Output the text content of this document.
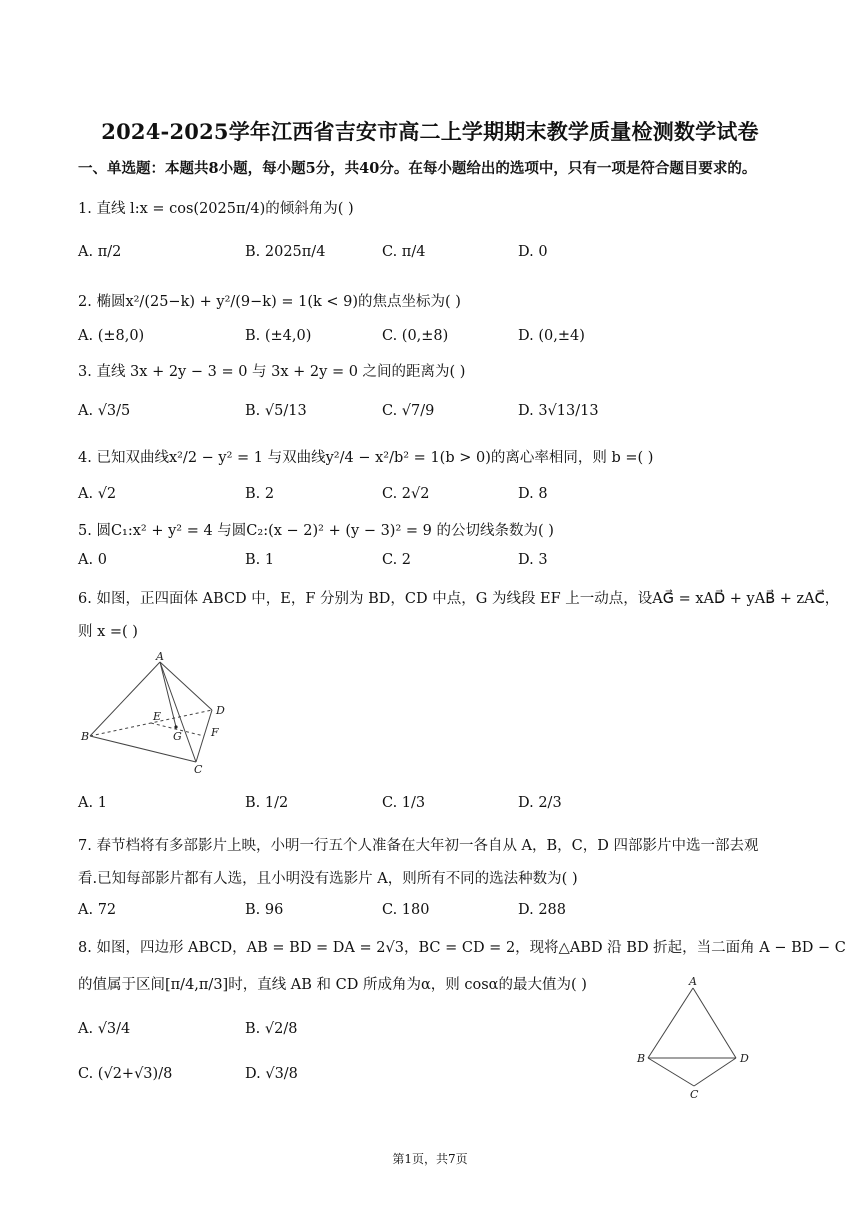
2024-2025学年江西省吉安市高二上学期期末教学质量检测数学试卷
一、单选题：本题共8小题，每小题5分，共40分。在每小题给出的选项中，只有一项是符合题目要求的。
1. 直线 l:x = cos(2025π/4)的倾斜角为( )
A. π/2	B. 2025π/4	C. π/4	D. 0
2. 椭圆x²/(25−k) + y²/(9−k) = 1(k < 9)的焦点坐标为( )
A. (±8,0)	B. (±4,0)	C. (0,±8)	D. (0,±4)
3. 直线 3x + 2y − 3 = 0 与 3x + 2y = 0 之间的距离为( )
A. √3/5	B. √5/13	C. √7/9	D. 3√13/13
4. 已知双曲线x²/2 − y² = 1 与双曲线y²/4 − x²/b² = 1(b > 0)的离心率相同，则 b =( )
A. √2	B. 2	C. 2√2	D. 8
5. 圆C₁:x² + y² = 4 与圆C₂:(x − 2)² + (y − 3)² = 9 的公切线条数为( )
A. 0	B. 1	C. 2	D. 3
6. 如图，正四面体 ABCD 中，E，F 分别为 BD，CD 中点，G 为线段 EF 上一动点，设AG⃗ = xAD⃗ + yAB⃗ + zAC⃗，
则 x =( )
A
B
C
D
E
F
G
A. 1	B. 1/2	C. 1/3	D. 2/3
7. 春节档将有多部影片上映，小明一行五个人准备在大年初一各自从 A，B，C，D 四部影片中选一部去观
看.已知每部影片都有人选，且小明没有选影片 A，则所有不同的选法种数为( )
A. 72	B. 96	C. 180	D. 288
8. 如图，四边形 ABCD，AB = BD = DA = 2√3，BC = CD = 2，现将△ABD 沿 BD 折起，当二面角 A − BD − C
的值属于区间[π/4,π/3]时，直线 AB 和 CD 所成角为α，则 cosα的最大值为( )
A. √3/4	B. √2/8
C. (√2+√3)/8	D. √3/8
A
B
C
D
第1页，共7页
